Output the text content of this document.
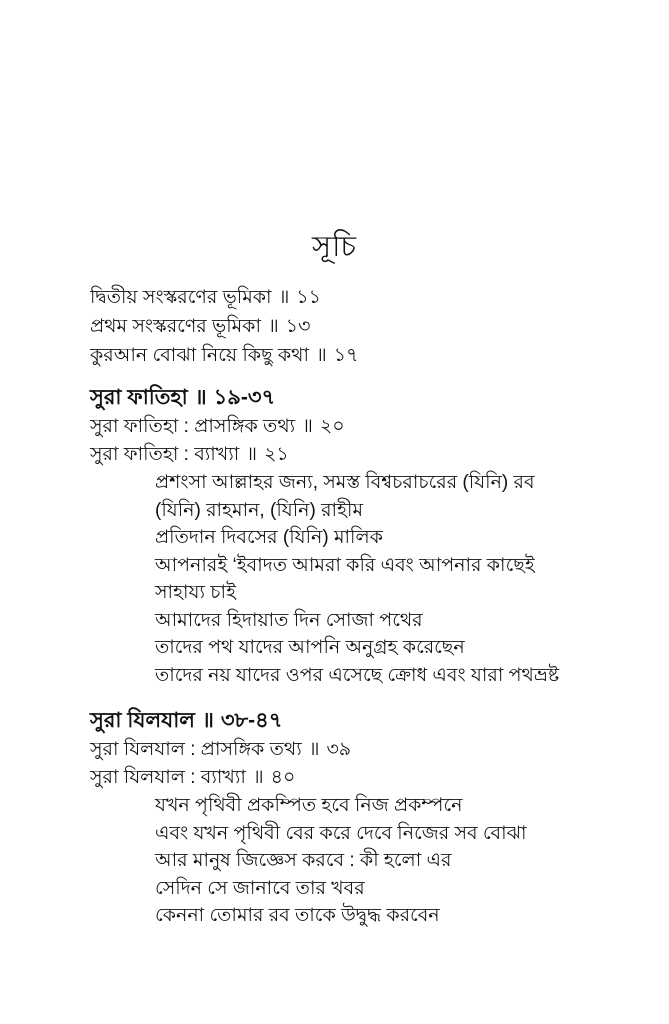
সূচি
দ্বিতীয় সংস্করণের ভূমিকা ॥ ১১
প্রথম সংস্করণের ভূমিকা ॥ ১৩
কুরআন বোঝা নিয়ে কিছু কথা ॥ ১৭
সুরা ফাতিহা ॥ ১৯-৩৭
সুরা ফাতিহা : প্রাসঙ্গিক তথ্য ॥ ২০
সুরা ফাতিহা : ব্যাখ্যা ॥ ২১
প্রশংসা আল্লাহর জন্য, সমস্ত বিশ্বচরাচরের (যিনি) রব
(যিনি) রাহমান, (যিনি) রাহীম
প্রতিদান দিবসের (যিনি) মালিক
আপনারই ‘ইবাদত আমরা করি এবং আপনার কাছেই
সাহায্য চাই
আমাদের হিদায়াত দিন সোজা পথের
তাদের পথ যাদের আপনি অনুগ্রহ করেছেন
তাদের নয় যাদের ওপর এসেছে ক্রোধ এবং যারা পথভ্রষ্ট
সুরা যিলযাল ॥ ৩৮-৪৭
সুরা যিলযাল : প্রাসঙ্গিক তথ্য ॥ ৩৯
সুরা যিলযাল : ব্যাখ্যা ॥ ৪০
যখন পৃথিবী প্রকম্পিত হবে নিজ প্রকম্পনে
এবং যখন পৃথিবী বের করে দেবে নিজের সব বোঝা
আর মানুষ জিজ্ঞেস করবে : কী হলো এর
সেদিন সে জানাবে তার খবর
কেননা তোমার রব তাকে উদ্বুদ্ধ করবেন
